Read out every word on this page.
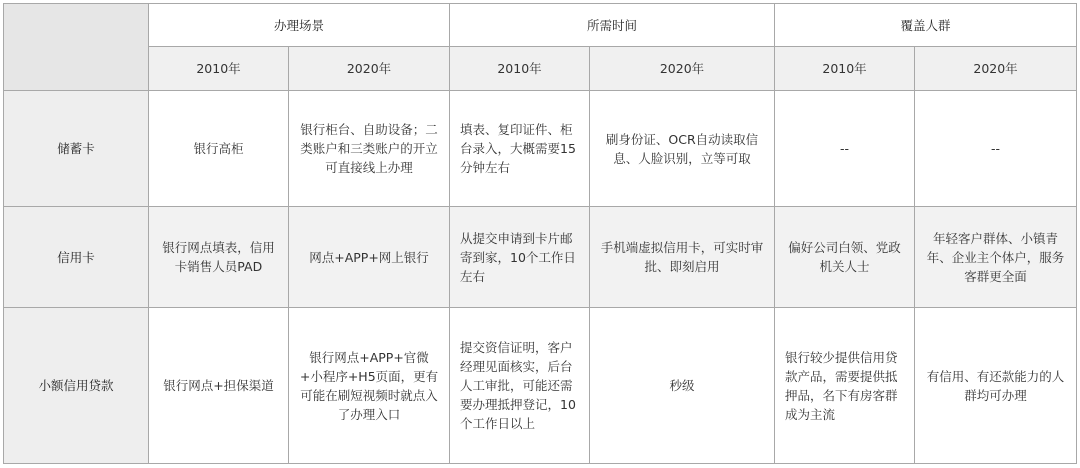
	办理场景		所需时间		覆盖人群	
	2010年	2020年	2010年	2020年	2010年	2020年
储蓄卡	银行高柜	银行柜台、自助设备；二类账户和三类账户的开立可直接线上办理	填表、复印证件、柜台录入，大概需要15分钟左右	刷身份证、OCR自动读取信息、人脸识别，立等可取	--	--
信用卡	银行网点填表，信用卡销售人员PAD	网点+APP+网上银行	从提交申请到卡片邮寄到家，10个工作日左右	手机端虚拟信用卡，可实时审批、即刻启用	偏好公司白领、党政机关人士	年轻客户群体、小镇青年、企业主个体户，服务客群更全面
小额信用贷款	银行网点+担保渠道	银行网点+APP+官微+小程序+H5页面，更有可能在刷短视频时就点入了办理入口	提交资信证明，客户经理见面核实，后台人工审批，可能还需要办理抵押登记，10个工作日以上	秒级	银行较少提供信用贷款产品，需要提供抵押品，名下有房客群成为主流	有信用、有还款能力的人群均可办理
